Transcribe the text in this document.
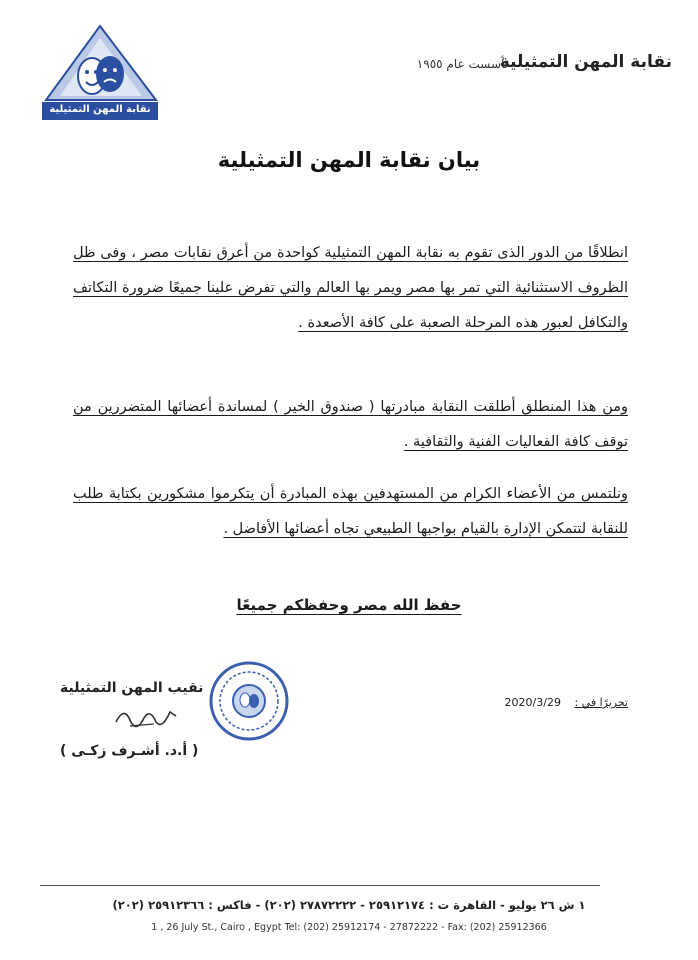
نقابة المهن التمثيلية
نقابة المهن التمثيلية
تأسست عام ١٩٥٥
بيان نقابة المهن التمثيلية
انطلاقًا من الدور الذى تقوم به نقابة المهن التمثيلية كواحدة من أعرق نقابات مصر ، وفى ظل الظروف الاستثنائية التي تمر بها مصر ويمر بها العالم والتي تفرض علينا جميعًا ضرورة التكاتف والتكافل لعبور هذه المرحلة الصعبة على كافة الأصعدة .
ومن هذا المنطلق أطلقت النقابة مبادرتها ( صندوق الخير ) لمساندة أعضائها المتضررين من توقف كافة الفعاليات الفنية والثقافية .
ونلتمس من الأعضاء الكرام من المستهدفين بهذه المبادرة أن يتكرموا مشكورين بكتابة طلب للنقابة لتتمكن الإدارة بالقيام بواجبها الطبيعي تجاه أعضائها الأفاضل .
حفظ الله مصر وحفظكم جميعًا
نقيب المهن التمثيلية
( أ.د. أشـرف زكـى )
تحريرًا في : 2020/3/29
١ ش ٢٦ يوليو - القاهرة ت : ٢٥٩١٢١٧٤ - ٢٧٨٧٢٢٢٢ (٢٠٢) - فاكس : ٢٥٩١٢٣٦٦ (٢٠٢)
1 , 26 July St., Cairo , Egypt Tel: (202) 25912174 - 27872222 - Fax: (202) 25912366
